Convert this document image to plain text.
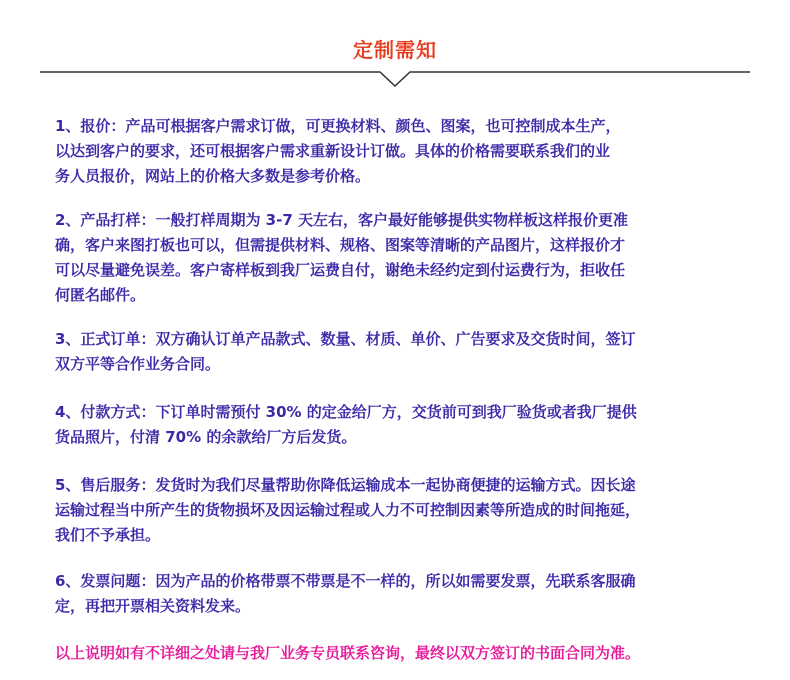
定制需知
1、报价：产品可根据客户需求订做，可更换材料、颜色、图案，也可控制成本生产，
以达到客户的要求，还可根据客户需求重新设计订做。具体的价格需要联系我们的业
务人员报价，网站上的价格大多数是参考价格。
2、产品打样：一般打样周期为 3-7 天左右，客户最好能够提供实物样板这样报价更准
确，客户来图打板也可以，但需提供材料、规格、图案等清晰的产品图片，这样报价才
可以尽量避免误差。客户寄样板到我厂运费自付，谢绝未经约定到付运费行为，拒收任
何匿名邮件。
3、正式订单：双方确认订单产品款式、数量、材质、单价、广告要求及交货时间，签订
双方平等合作业务合同。
4、付款方式：下订单时需预付 30% 的定金给厂方，交货前可到我厂验货或者我厂提供
货品照片，付清 70% 的余款给厂方后发货。
5、售后服务：发货时为我们尽量帮助你降低运输成本一起协商便捷的运输方式。因长途
运输过程当中所产生的货物损坏及因运输过程或人力不可控制因素等所造成的时间拖延，
我们不予承担。
6、发票问题：因为产品的价格带票不带票是不一样的，所以如需要发票，先联系客服确
定，再把开票相关资料发来。
以上说明如有不详细之处请与我厂业务专员联系咨询，最终以双方签订的书面合同为准。
